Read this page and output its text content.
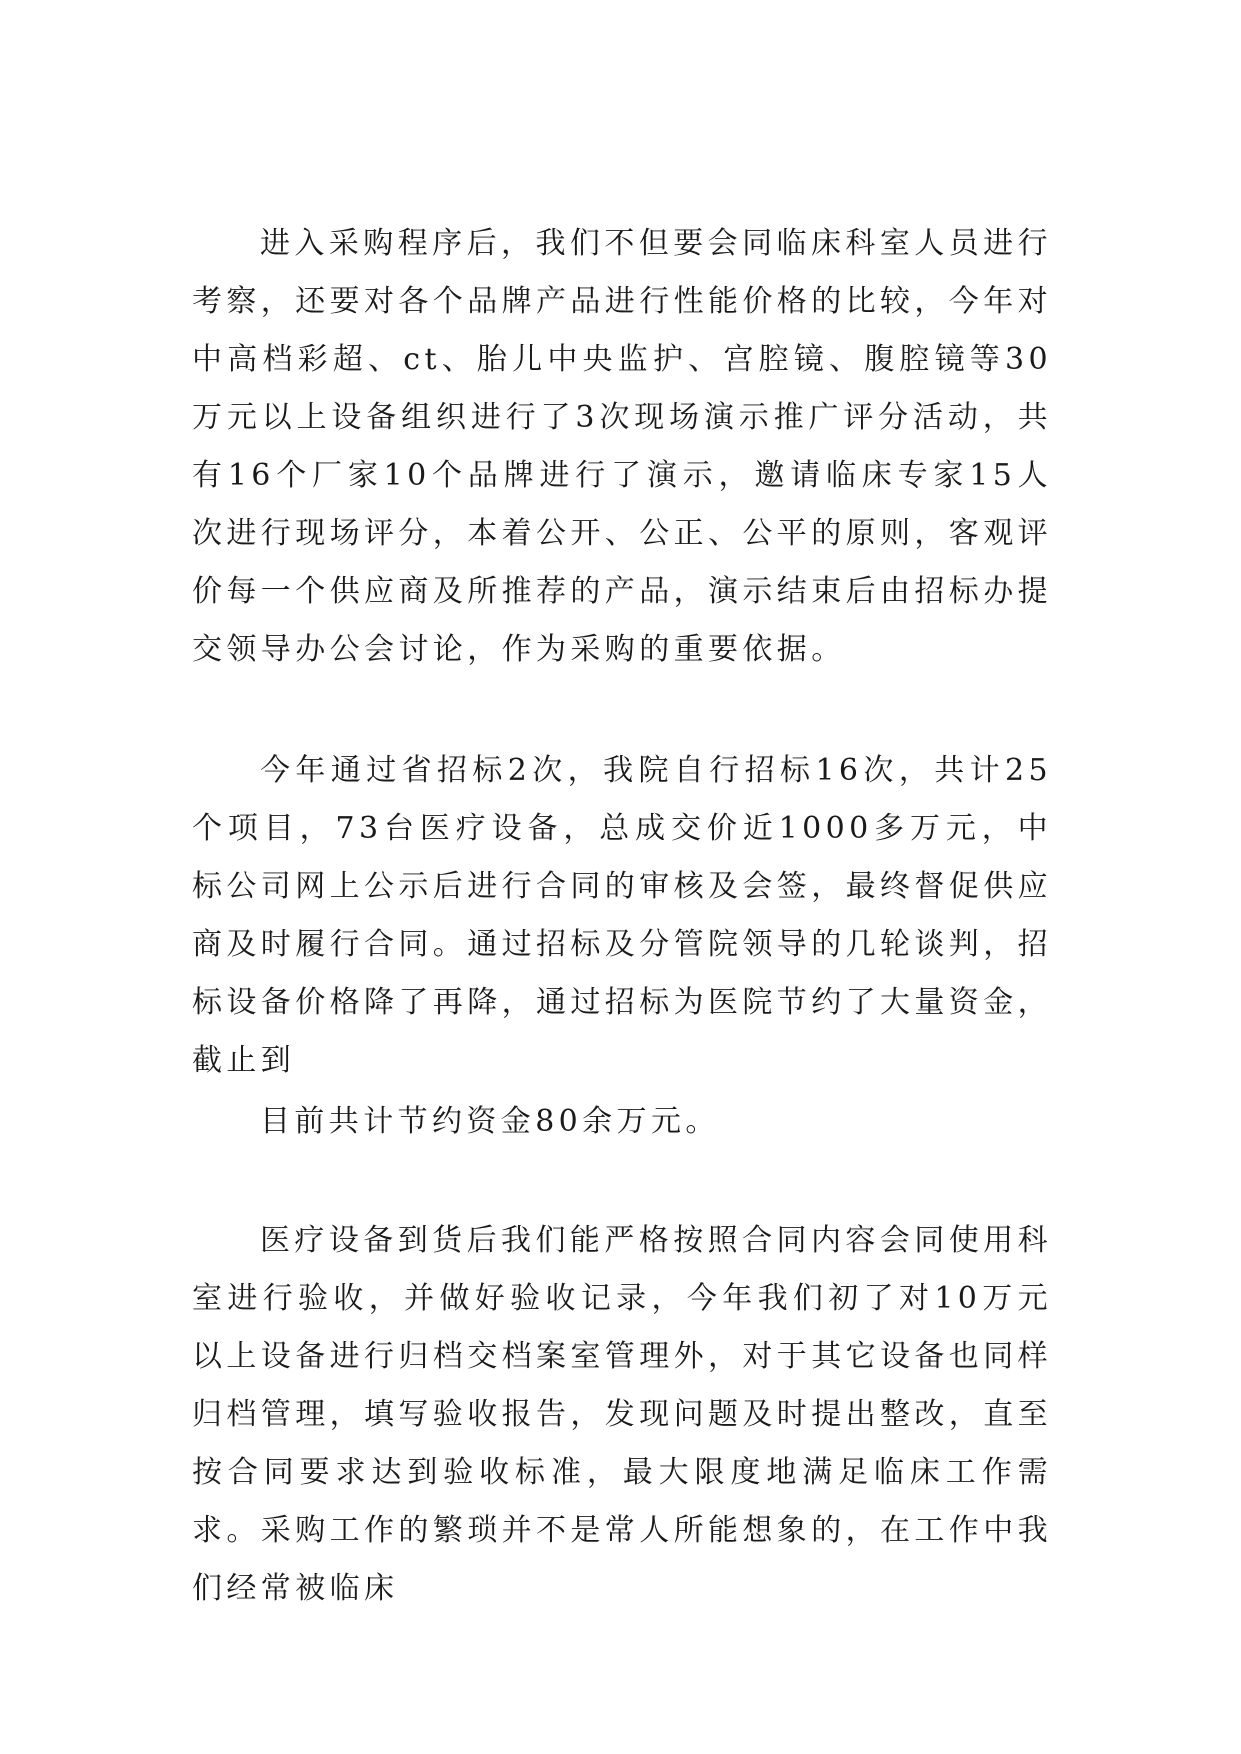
进入采购程序后，我们不但要会同临床科室人员进行考察，还要对各个品牌产品进行性能价格的比较，今年对中高档彩超、ct、胎儿中央监护、宫腔镜、腹腔镜等30万元以上设备组织进行了3次现场演示推广评分活动，共有16个厂家10个品牌进行了演示，邀请临床专家15人次进行现场评分，本着公开、公正、公平的原则，客观评价每一个供应商及所推荐的产品，演示结束后由招标办提交领导办公会讨论，作为采购的重要依据。

今年通过省招标2次，我院自行招标16次，共计25个项目，73台医疗设备，总成交价近1000多万元，中标公司网上公示后进行合同的审核及会签，最终督促供应商及时履行合同。通过招标及分管院领导的几轮谈判，招标设备价格降了再降，通过招标为医院节约了大量资金，截止到

目前共计节约资金80余万元。

医疗设备到货后我们能严格按照合同内容会同使用科室进行验收，并做好验收记录，今年我们初了对10万元以上设备进行归档交档案室管理外，对于其它设备也同样归档管理，填写验收报告，发现问题及时提出整改，直至按合同要求达到验收标准，最大限度地满足临床工作需求。采购工作的繁琐并不是常人所能想象的，在工作中我们经常被临床
